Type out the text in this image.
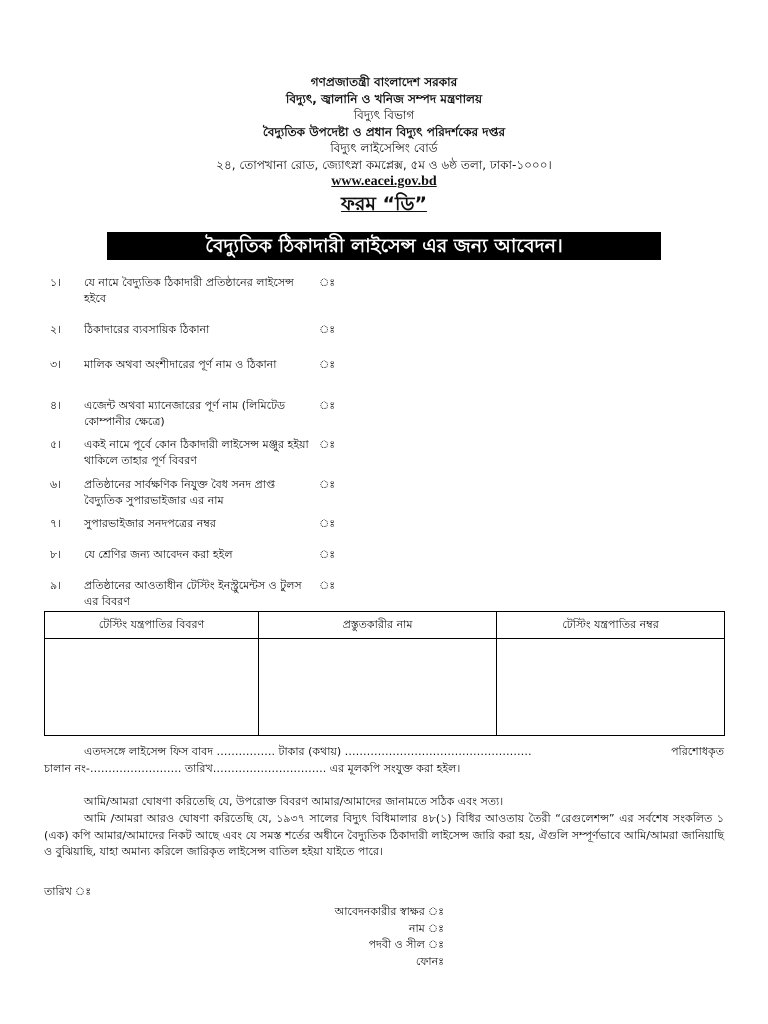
গণপ্রজাতন্ত্রী বাংলাদেশ সরকার
বিদ্যুৎ, জ্বালানি ও খনিজ সম্পদ মন্ত্রণালয়
বিদ্যুৎ বিভাগ
বৈদ্যুতিক উপদেষ্টা ও প্রধান বিদ্যুৎ পরিদর্শকের দপ্তর
বিদ্যুৎ লাইসেন্সিং বোর্ড
২৪, তোপখানা রোড, জ্যোৎস্না কমপ্লেক্স, ৫ম ও ৬ষ্ঠ তলা, ঢাকা-১০০০।
www.eacei.gov.bd
ফরম “ডি”
বৈদ্যুতিক ঠিকাদারী লাইসেন্স এর জন্য আবেদন।
১।	যে নামে বৈদ্যুতিক ঠিকাদারী প্রতিষ্ঠানের লাইসেন্স হইবে
ঃ
২।	ঠিকাদারের ব্যবসায়িক ঠিকানা	ঃ
৩।	মালিক অথবা অংশীদারের পূর্ণ নাম ও ঠিকানা	ঃ
৪।	এজেন্ট অথবা ম্যানেজারের পূর্ণ নাম (লিমিটেড কোম্পানীর ক্ষেত্রে)
ঃ
৫।	একই নামে পূর্বে কোন ঠিকাদারী লাইসেন্স মঞ্জুর হইয়া থাকিলে তাহার পূর্ণ বিবরণ
ঃ
৬।	প্রতিষ্ঠানের সার্বক্ষণিক নিযুক্ত বৈধ সনদ প্রাপ্ত বৈদ্যুতিক সুপারভাইজার এর নাম
ঃ
৭।	সুপারভাইজার সনদপত্রের নম্বর	ঃ
৮।	যে শ্রেণির জন্য আবেদন করা হইল	ঃ
৯।	প্রতিষ্ঠানের আওতাধীন টেস্টিং ইনস্ট্রুমেন্টস ও টুলস এর বিবরণ
ঃ
টেস্টিং যন্ত্রপাতির বিবরণ	প্রস্তুতকারীর নাম	টেস্টিং যন্ত্রপাতির নম্বর

এতদসঙ্গে লাইসেন্স ফিস বাবদ ……………. টাকার (কথায়) ……………………………………………	পরিশোধকৃত
চালান নং-……………………. তারিখ…………………………. এর মূলকপি সংযুক্ত করা হইল।
আমি/আমরা ঘোষণা করিতেছি যে, উপরোক্ত বিবরণ আমার/আমাদের জানামতে সঠিক এবং সত্য।
আমি /আমরা আরও ঘোষণা করিতেছি যে, ১৯৩৭ সালের বিদ্যুৎ বিধিমালার ৪৮(১) বিধির আওতায় তৈরী “রেগুলেশন্স” এর সর্বশেষ সংকলিত ১ (এক) কপি আমার/আমাদের নিকট আছে এবং যে সমস্ত শর্তের অধীনে বৈদ্যুতিক ঠিকাদারী লাইসেন্স জারি করা হয়, ঐগুলি সম্পূর্ণভাবে আমি/আমরা জানিয়াছি ও বুঝিয়াছি, যাহা অমান্য করিলে জারিকৃত লাইসেন্স বাতিল হইয়া যাইতে পারে।
তারিখ ঃ
আবেদনকারীর স্বাক্ষর ঃ
নাম ঃ
পদবী ও সীল ঃ
ফোনঃ
